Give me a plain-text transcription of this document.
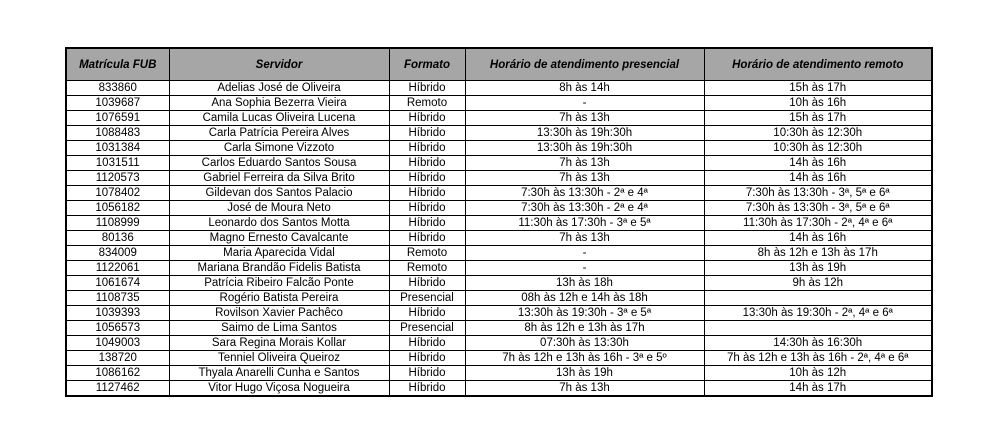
Matrícula FUB	Servidor	Formato	Horário de atendimento presencial	Horário de atendimento remoto
833860	Adelias José de Oliveira	Híbrido	8h às 14h	15h às 17h
1039687	Ana Sophia Bezerra Vieira	Remoto	-	10h às 16h
1076591	Camila Lucas Oliveira Lucena	Híbrido	7h às 13h	15h às 17h
1088483	Carla Patrícia Pereira Alves	Híbrido	13:30h às 19h:30h	10:30h às 12:30h
1031384	Carla Simone Vizzoto	Híbrido	13:30h às 19h:30h	10:30h às 12:30h
1031511	Carlos Eduardo Santos Sousa	Híbrido	7h às 13h	14h às 16h
1120573	Gabriel Ferreira da Silva Brito	Híbrido	7h às 13h	14h às 16h
1078402	Gildevan dos Santos Palacio	Híbrido	7:30h às 13:30h - 2ª e 4ª	7:30h às 13:30h - 3ª, 5ª e 6ª
1056182	José de Moura Neto	Híbrido	7:30h às 13:30h - 2ª e 4ª	7:30h às 13:30h - 3ª, 5ª e 6ª
1108999	Leonardo dos Santos Motta	Híbrido	11:30h às 17:30h - 3ª e 5ª	11:30h às 17:30h - 2ª, 4ª e 6ª
80136	Magno Ernesto Cavalcante	Híbrido	7h às 13h	14h às 16h
834009	Maria Aparecida Vidal	Remoto	-	8h às 12h e 13h às 17h
1122061	Mariana Brandão Fidelis Batista	Remoto	-	13h às 19h
1061674	Patrícia Ribeiro Falcão Ponte	Híbrido	13h às 18h	9h às 12h
1108735	Rogério Batista Pereira	Presencial	08h às 12h e 14h às 18h	
1039393	Rovilson Xavier Pachêco	Híbrido	13:30h às 19:30h - 3ª e 5ª	13:30h às 19:30h - 2ª, 4ª e 6ª
1056573	Saimo de Lima Santos	Presencial	8h às 12h e 13h às 17h	
1049003	Sara Regina Morais Kollar	Híbrido	07:30h às 13:30h	14:30h às 16:30h
138720	Tenniel Oliveira Queiroz	Híbrido	7h às 12h e 13h às 16h - 3ª e 5º	7h às 12h e 13h às 16h - 2ª, 4ª e 6ª
1086162	Thyala Anarelli Cunha e Santos	Híbrido	13h às 19h	10h às 12h
1127462	Vitor Hugo Viçosa Nogueira	Híbrido	7h às 13h	14h às 17h
